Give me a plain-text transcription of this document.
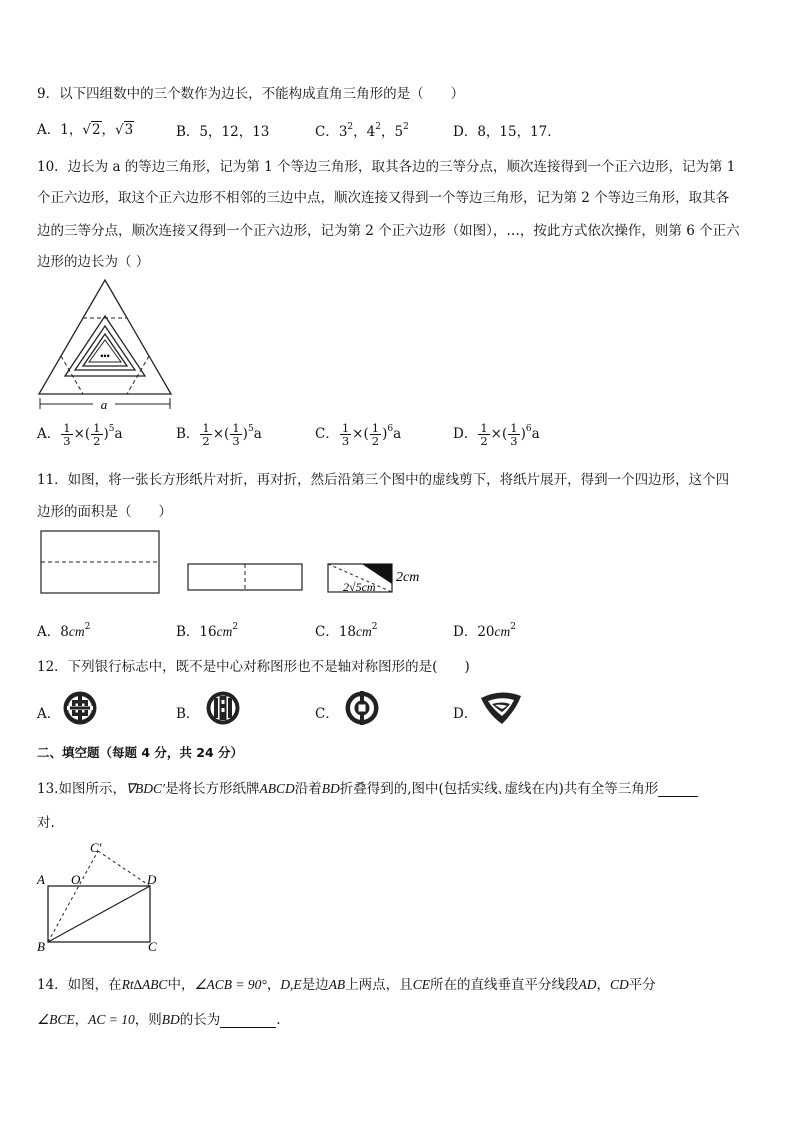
9．以下四组数中的三个数作为边长，不能构成直角三角形的是（　　）
A．1，√2，√3	B．5，12，13	C．$3^2$，$4^2$，$5^2$	D．8，15，17.
10．边长为 a 的等边三角形，记为第 1 个等边三角形，取其各边的三等分点，顺次连接得到一个正六边形，记为第 1
个正六边形，取这个正六边形不相邻的三边中点，顺次连接又得到一个等边三角形，记为第 2 个等边三角形，取其各
边的三等分点，顺次连接又得到一个正六边形，记为第 2 个正六边形（如图），…，按此方式依次操作，则第 6 个正六
边形的边长为（ ）
•••
a
A． $\frac{1}{3}$ ×( $\frac{1}{2} )^5a$	B． $\frac{1}{2}$ ×( $\frac{1}{3} )^5a$	C． $\frac{1}{3}$ ×( $\frac{1}{2} )^6a$	D． $\frac{1}{2}$ ×( $\frac{1}{3} )^6a$
11．如图，将一张长方形纸片对折，再对折，然后沿第三个图中的虚线剪下，将纸片展开，得到一个四边形，这个四
边形的面积是（　　）
2cm
2√5cm
A．$8cm^2$	B．$16cm^2$	C．$18cm^2$	D．$20cm^2$
12．下列银行标志中，既不是中心对称图形也不是轴对称图形的是(　　)
A．	B．	C．	D．
二、填空题（每题 4 分，共 24 分）
13.如图所示，∇BDC′是将长方形纸牌ABCD沿着BD折叠得到的,图中(包括实线､虚线在内)共有全等三角形
对.
C′
A O	D
B	C
14．如图，在Rt∆ABC中，∠ACB = 90°，D,E是边AB上两点，且CE所在的直线垂直平分线段AD，CD平分
∠BCE，AC = 10，则BD的长为	.
